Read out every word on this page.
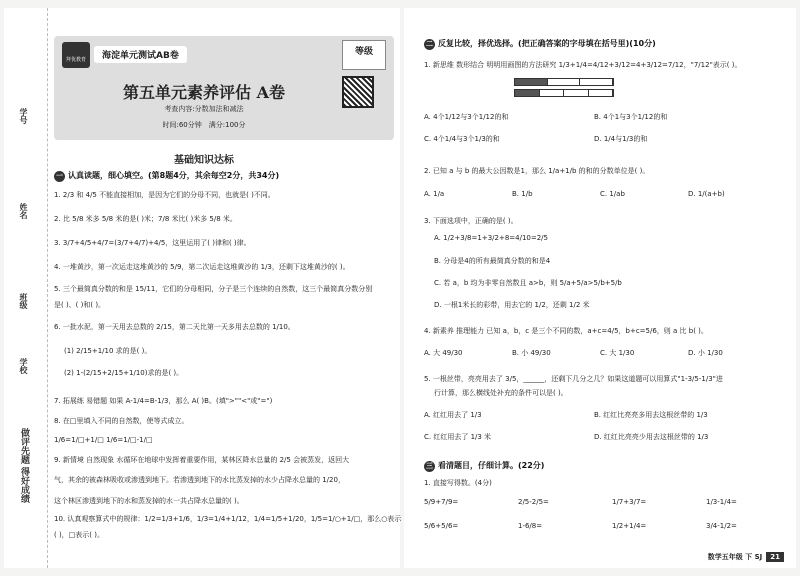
学号
姓名
班级
学校
做评先题 得好成绩
拜优教育	海淀单元测试AB卷	等级
第五单元素养评估 A卷
考查内容:分数加法和减法
时间:60分钟　 满分:100分
基础知识达标
一 认真读题，细心填空。(第8题4分，其余每空2分，共34分)
1. 2/3 和 4/5 不能直接相加，是因为它们的分母不同，也就是( )不同。
2. 比 5/8 米多 5/8 米的是( )米；7/8 米比( )米多 5/8 米。
3. 3/7+4/5+4/7=(3/7+4/7)+4/5，这里运用了( )律和( )律。
4. 一堆黄沙，第一次运走这堆黄沙的 5/9，第二次运走这堆黄沙的 1/3，还剩下这堆黄沙的( )。
5. 三个最简真分数的和是 15/11，它们的分母相同，分子是三个连续的自然数，这三个最简真分数分别
是( )、( )和( )。
6. 一批水泥，第一天用去总数的 2/15，第二天比第一天多用去总数的 1/10。
(1) 2/15+1/10 求的是( )。
(2) 1-(2/15+2/15+1/10)求的是( )。
7. 拓展练 易错题 如果 A-1/4=B-1/3，那么 A( )B。(填">""<"或"=")
8. 在□里填入不同的自然数，使等式成立。
1/6=1/□+1/□ 1/6=1/□-1/□
9. 新情境 自然现象 水循环在地球中发挥着重要作用，某林区降水总量的 2/5 会被蒸发，返回大
气，其余的被森林吸收或渗透到地下。若渗透到地下的水比蒸发掉的水少占降水总量的 1/20，
这个林区渗透到地下的水和蒸发掉的水一共占降水总量的( )。
10. 认真观察算式中的规律：1/2=1/3+1/6，1/3=1/4+1/12，1/4=1/5+1/20，1/5=1/○+1/□，那么○表示
( )，□表示( )。
二 反复比较，择优选择。(把正确答案的字母填在括号里)(10分)
1. 新思维 数形结合 明明用画图的方法研究 1/3+1/4=4/12+3/12=4+3/12=7/12，"7/12"表示( )。
三 看清题目，仔细计算。(22分)
1. 直接写得数。(4分)
数学五年级 下 SJ 21
A. 4个1/12与3个1/12的和	B. 4个1与3个1/12的和
C. 4个1/4与3个1/3的和	D. 1/4与1/3的和
2. 已知 a 与 b 的最大公因数是1，那么 1/a+1/b 的和的分数单位是( )。
A. 1/a	B. 1/b	C. 1/ab	D. 1/(a+b)
3. 下面选项中，正确的是( )。
A. 1/2+3/8=1+3/2+8=4/10=2/5
B. 分母是4的所有最简真分数的和是4
C. 若 a，b 均为非零自然数且 a>b，则 5/a+5/a>5/b+5/b
D. 一根1米长的彩带，用去它的 1/2，还剩 1/2 米
4. 新素养 推理能力 已知 a，b，c 是三个不同的数，a+c=4/5，b+c=5/6，则 a 比 b( )。
A. 大 49/30	B. 小 49/30	C. 大 1/30	D. 小 1/30
5. 一根丝带，亮亮用去了 3/5，______，还剩下几分之几？如果这道题可以用算式"1-3/5-1/3"进
行计算，那么横线处补充的条件可以是( )。
A. 红红用去了 1/3	B. 红红比亮亮多用去这根丝带的 1/3
C. 红红用去了 1/3 米	D. 红红比亮亮少用去这根丝带的 1/3
5/9+7/9=	2/5-2/5=	1/7+3/7=	1/3-1/4=
5/6+5/6=	1-6/8=	1/2+1/4=	3/4-1/2=
